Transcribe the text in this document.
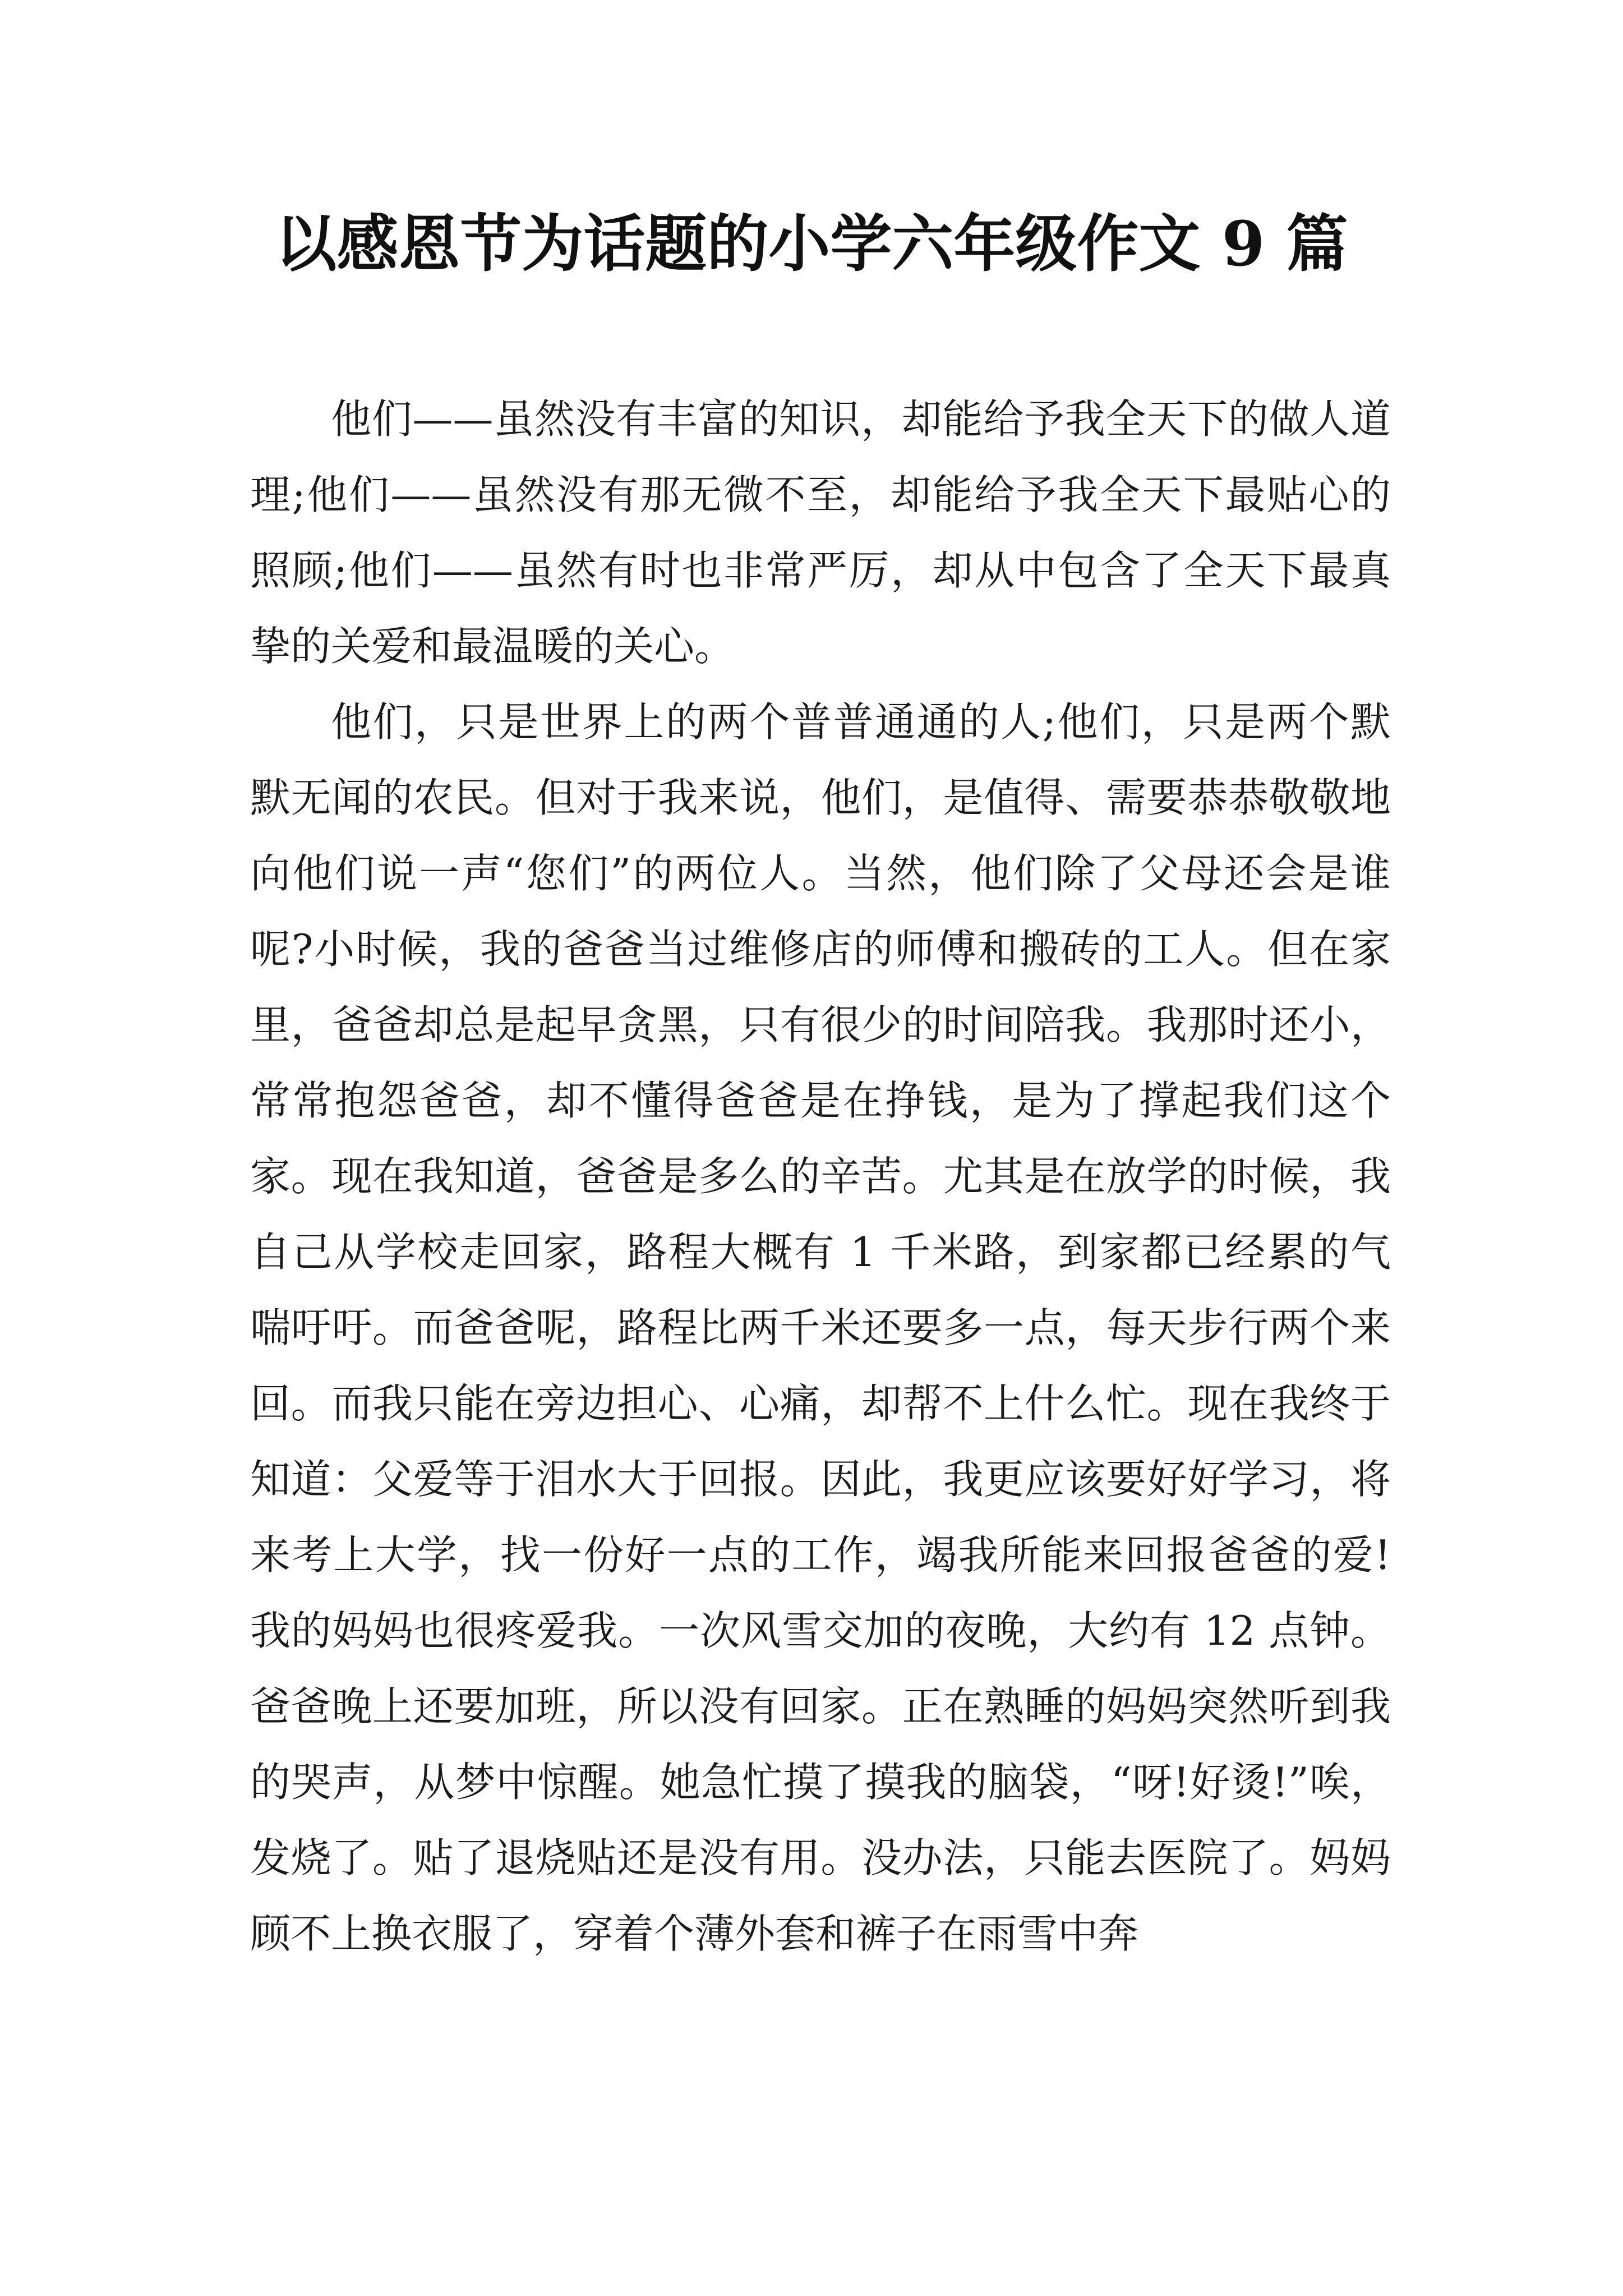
以感恩节为话题的小学六年级作文 9 篇

他们——虽然没有丰富的知识，却能给予我全天下的做人道理;他们——虽然没有那无微不至，却能给予我全天下最贴心的照顾;他们——虽然有时也非常严厉，却从中包含了全天下最真挚的关爱和最温暖的关心。

他们，只是世界上的两个普普通通的人;他们，只是两个默默无闻的农民。但对于我来说，他们，是值得、需要恭恭敬敬地向他们说一声“您们”的两位人。当然，他们除了父母还会是谁呢?小时候，我的爸爸当过维修店的师傅和搬砖的工人。但在家里，爸爸却总是起早贪黑，只有很少的时间陪我。我那时还小，常常抱怨爸爸，却不懂得爸爸是在挣钱，是为了撑起我们这个家。现在我知道，爸爸是多么的辛苦。尤其是在放学的时候，我自己从学校走回家，路程大概有 1 千米路，到家都已经累的气喘吁吁。而爸爸呢，路程比两千米还要多一点，每天步行两个来回。而我只能在旁边担心、心痛，却帮不上什么忙。现在我终于知道：父爱等于泪水大于回报。因此，我更应该要好好学习，将来考上大学，找一份好一点的工作，竭我所能来回报爸爸的爱!我的妈妈也很疼爱我。一次风雪交加的夜晚，大约有 12 点钟。爸爸晚上还要加班，所以没有回家。正在熟睡的妈妈突然听到我的哭声，从梦中惊醒。她急忙摸了摸我的脑袋，“呀!好烫!”唉，发烧了。贴了退烧贴还是没有用。没办法，只能去医院了。妈妈顾不上换衣服了，穿着个薄外套和裤子在雨雪中奔
